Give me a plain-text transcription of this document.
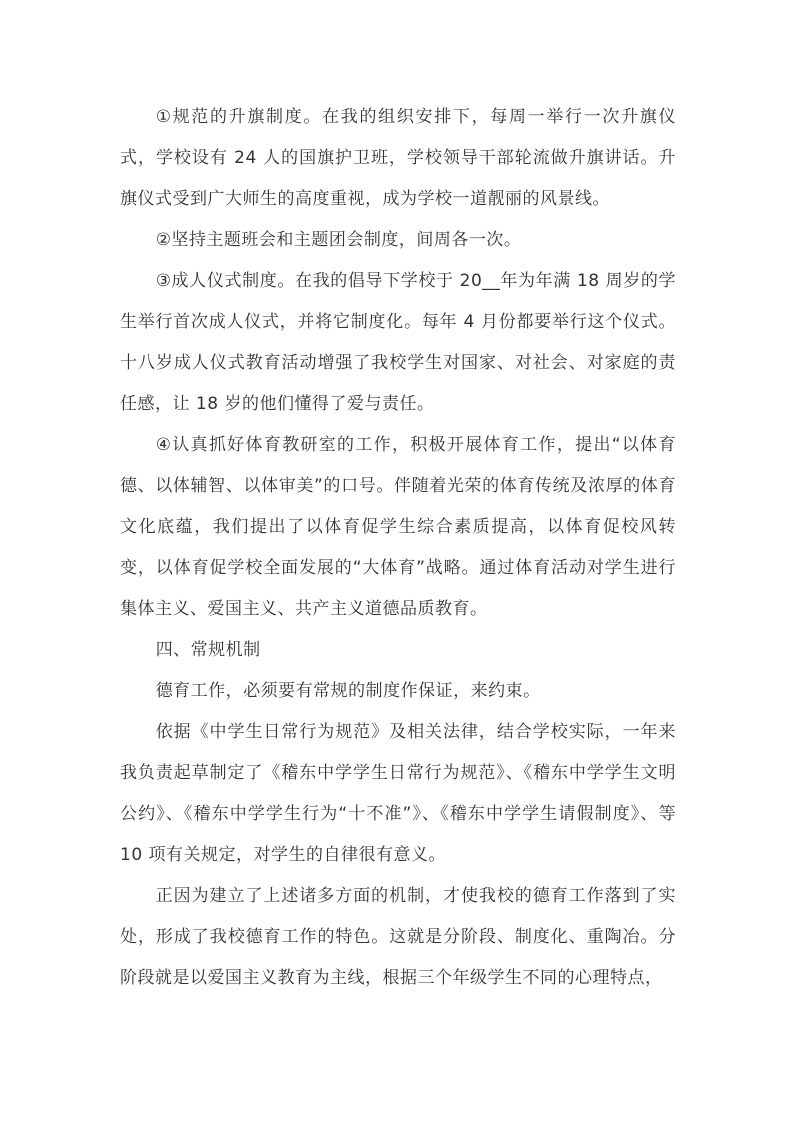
①规范的升旗制度。在我的组织安排下，每周一举行一次升旗仪式，学校设有 24 人的国旗护卫班，学校领导干部轮流做升旗讲话。升旗仪式受到广大师生的高度重视，成为学校一道靓丽的风景线。

②坚持主题班会和主题团会制度，间周各一次。

③成人仪式制度。在我的倡导下学校于 20__年为年满 18 周岁的学生举行首次成人仪式，并将它制度化。每年 4 月份都要举行这个仪式。十八岁成人仪式教育活动增强了我校学生对国家、对社会、对家庭的责任感，让 18 岁的他们懂得了爱与责任。

④认真抓好体育教研室的工作，积极开展体育工作，提出“以体育德、以体辅智、以体审美”的口号。伴随着光荣的体育传统及浓厚的体育文化底蕴，我们提出了以体育促学生综合素质提高，以体育促校风转变，以体育促学校全面发展的“大体育”战略。通过体育活动对学生进行集体主义、爱国主义、共产主义道德品质教育。

四、常规机制

德育工作，必须要有常规的制度作保证，来约束。

依据《中学生日常行为规范》及相关法律，结合学校实际，一年来我负责起草制定了《稽东中学学生日常行为规范》、《稽东中学学生文明公约》、《稽东中学学生行为“十不准”》、《稽东中学学生请假制度》、等 10 项有关规定，对学生的自律很有意义。

正因为建立了上述诸多方面的机制，才使我校的德育工作落到了实处，形成了我校德育工作的特色。这就是分阶段、制度化、重陶冶。分阶段就是以爱国主义教育为主线，根据三个年级学生不同的心理特点，
